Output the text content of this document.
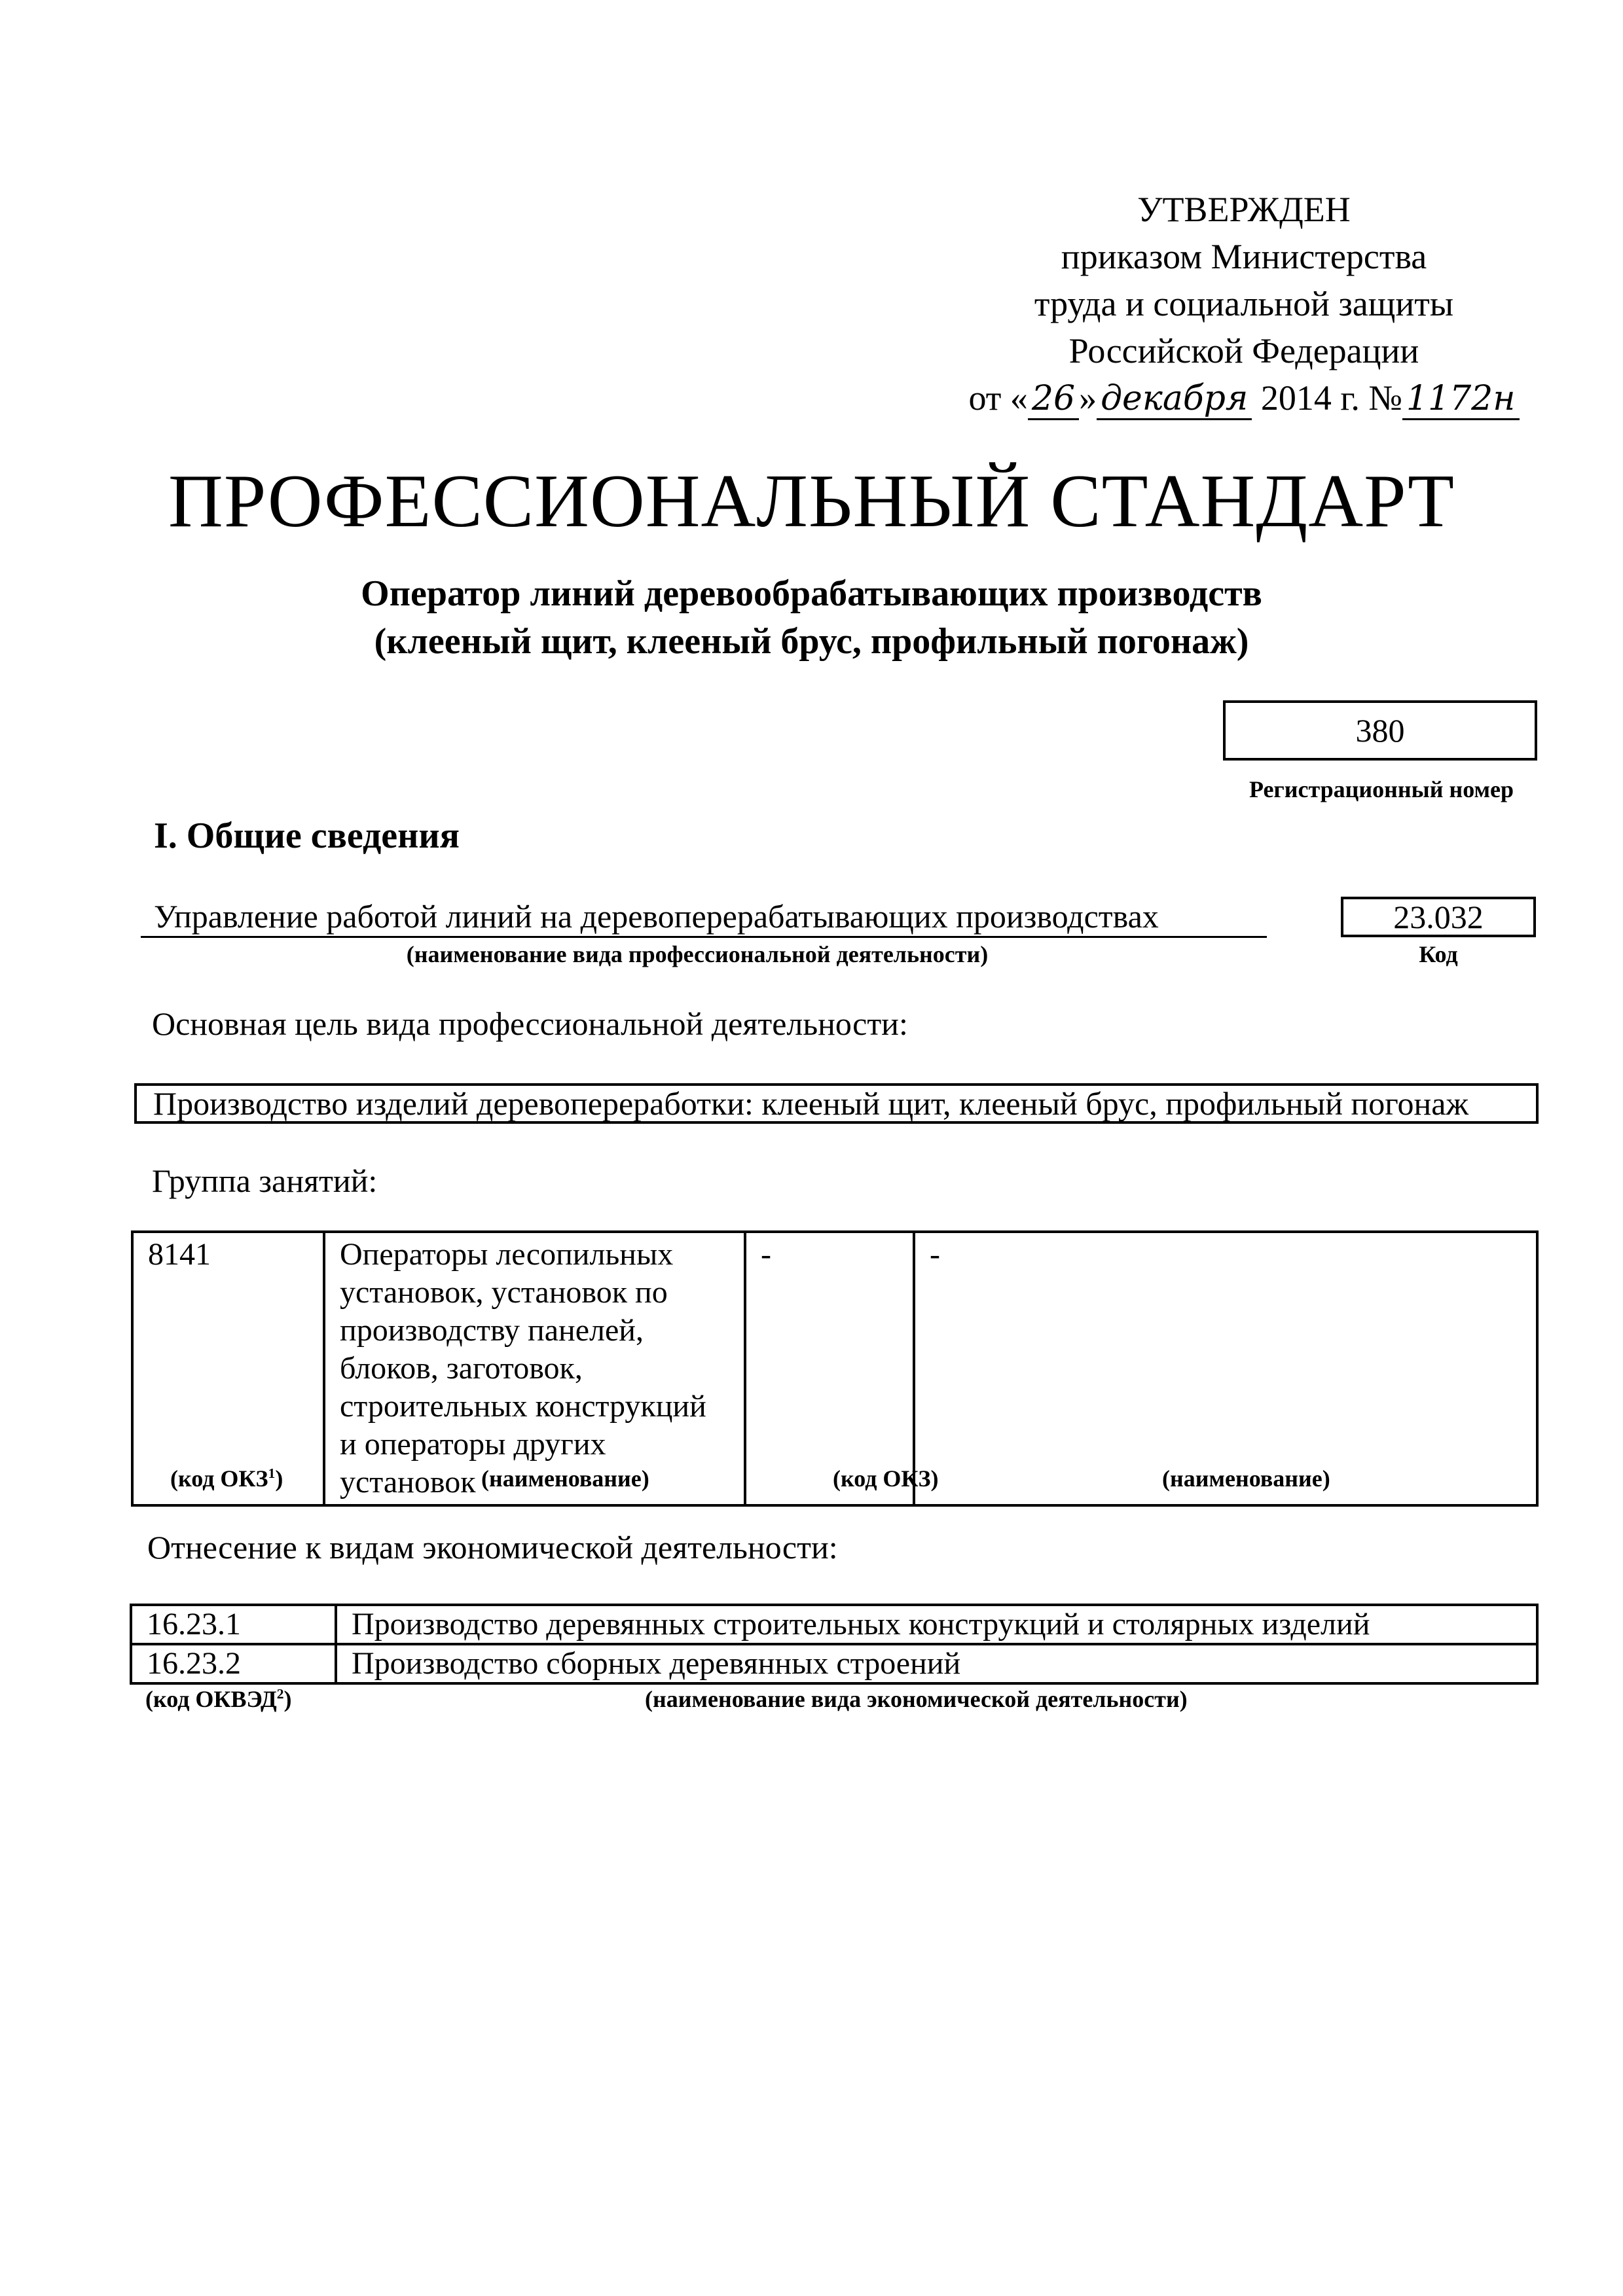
УТВЕРЖДЕН
приказом Министерства
труда и социальной защиты
Российской Федерации
от « 26 » декабря 2014 г. № 1172н
ПРОФЕССИОНАЛЬНЫЙ СТАНДАРТ
Оператор линий деревообрабатывающих производств
(клееный щит, клееный брус, профильный погонаж)
380
Регистрационный номер
I. Общие сведения
Управление работой линий на деревоперерабатывающих производствах
(наименование вида профессиональной деятельности)
23.032
Код
Основная цель вида профессиональной деятельности:
Производство изделий деревопереработки: клееный щит, клееный брус, профильный погонаж
Группа занятий:
8141	Операторы лесопильных установок, установок по производству панелей, блоков, заготовок, строительных конструкций и операторы других установок	-	-
(код ОКЗ$^1$)	(наименование)	(код ОКЗ)	(наименование)
Отнесение к видам экономической деятельности:
16.23.1	Производство деревянных строительных конструкций и столярных изделий
16.23.2	Производство сборных деревянных строений
(код ОКВЭД$^2$)	(наименование вида экономической деятельности)
